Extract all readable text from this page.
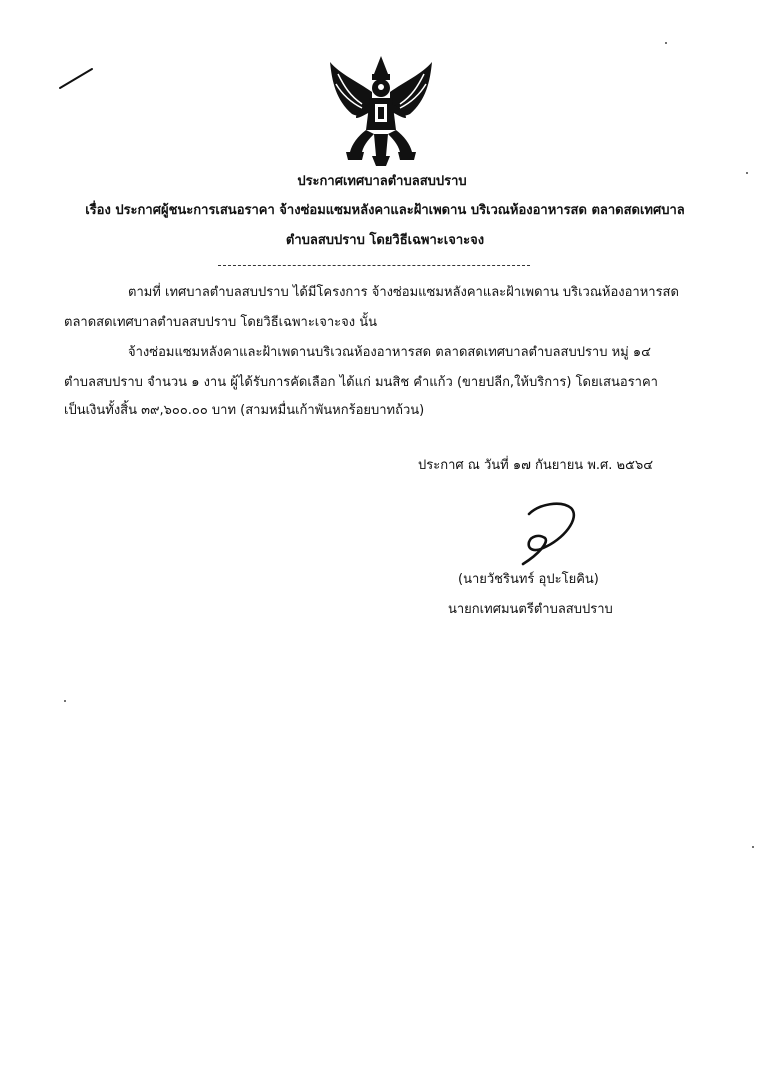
ประกาศเทศบาลตำบลสบปราบ
เรื่อง ประกาศผู้ชนะการเสนอราคา จ้างซ่อมแซมหลังคาและฝ้าเพดาน บริเวณห้องอาหารสด ตลาดสดเทศบาล
ตำบลสบปราบ โดยวิธีเฉพาะเจาะจง
ตามที่ เทศบาลตำบลสบปราบ ได้มีโครงการ จ้างซ่อมแซมหลังคาและฝ้าเพดาน บริเวณห้องอาหารสด
ตลาดสดเทศบาลตำบลสบปราบ โดยวิธีเฉพาะเจาะจง นั้น
จ้างซ่อมแซมหลังคาและฝ้าเพดานบริเวณห้องอาหารสด ตลาดสดเทศบาลตำบลสบปราบ หมู่ ๑๔
ตำบลสบปราบ จำนวน ๑ งาน ผู้ได้รับการคัดเลือก ได้แก่ มนสิช คำแก้ว (ขายปลีก,ให้บริการ) โดยเสนอราคา
เป็นเงินทั้งสิ้น ๓๙,๖๐๐.๐๐ บาท (สามหมื่นเก้าพันหกร้อยบาทถ้วน)
ประกาศ ณ วันที่ ๑๗ กันยายน พ.ศ. ๒๕๖๔
(นายวัชรินทร์ อุปะโยคิน)
นายกเทศมนตรีตำบลสบปราบ
